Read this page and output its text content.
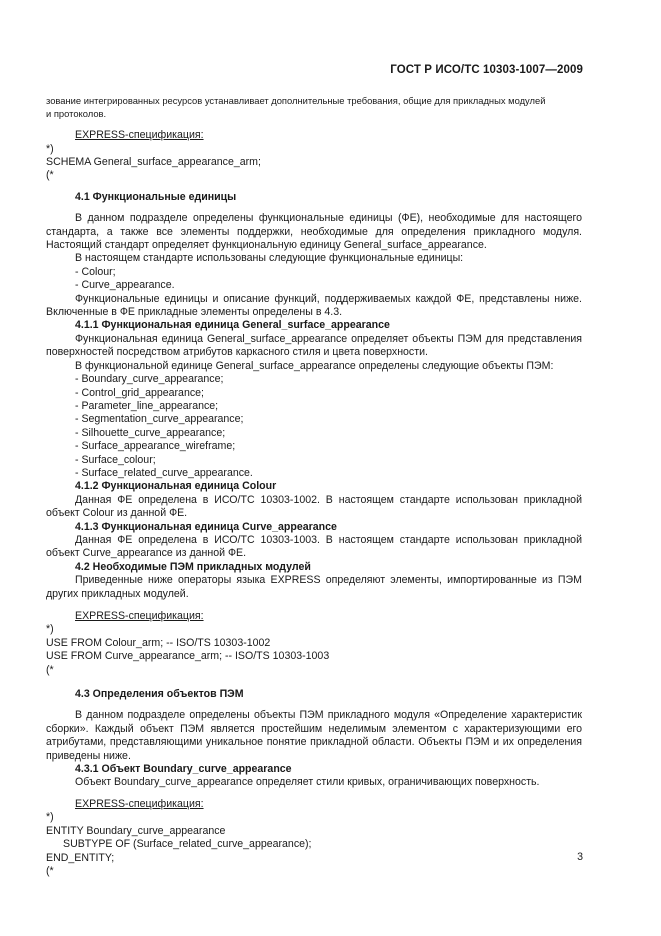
ГОСТ Р ИСО/ТС 10303-1007—2009

зование интегрированных ресурсов устанавливает дополнительные требования, общие для прикладных модулей

и протоколов.

EXPRESS-спецификация:

*)

SCHEMA General_surface_appearance_arm;

(*

4.1 Функциональные единицы

В данном подразделе определены функциональные единицы (ФЕ), необходимые для настоящего стандарта, а также все элементы поддержки, необходимые для определения прикладного модуля. Настоящий стандарт определяет функциональную единицу General_surface_appearance.

В настоящем стандарте использованы следующие функциональные единицы:

- Colour;

- Curve_appearance.

Функциональные единицы и описание функций, поддерживаемых каждой ФЕ, представлены ниже. Включенные в ФЕ прикладные элементы определены в 4.3.

4.1.1 Функциональная единица General_surface_appearance

Функциональная единица General_surface_appearance определяет объекты ПЭМ для представления поверхностей посредством атрибутов каркасного стиля и цвета поверхности.

В функциональной единице General_surface_appearance определены следующие объекты ПЭМ:

- Boundary_curve_appearance;

- Control_grid_appearance;

- Parameter_line_appearance;

- Segmentation_curve_appearance;

- Silhouette_curve_appearance;

- Surface_appearance_wireframe;

- Surface_colour;

- Surface_related_curve_appearance.

4.1.2 Функциональная единица Colour

Данная ФЕ определена в ИСО/ТС 10303-1002. В настоящем стандарте использован прикладной объект Colour из данной ФЕ.

4.1.3 Функциональная единица Curve_appearance

Данная ФЕ определена в ИСО/ТС 10303-1003. В настоящем стандарте использован прикладной объект Curve_appearance из данной ФЕ.

4.2 Необходимые ПЭМ прикладных модулей

Приведенные ниже операторы языка EXPRESS определяют элементы, импортированные из ПЭМ других прикладных модулей.

EXPRESS-спецификация:

*)

USE FROM Colour_arm; -- ISO/TS 10303-1002

USE FROM Curve_appearance_arm; -- ISO/TS 10303-1003

(*

4.3 Определения объектов ПЭМ

В данном подразделе определены объекты ПЭМ прикладного модуля «Определение характеристик сборки». Каждый объект ПЭМ является простейшим неделимым элементом с характеризующими его атрибутами, представляющими уникальное понятие прикладной области. Объекты ПЭМ и их определения приведены ниже.

4.3.1 Объект Boundary_curve_appearance

Объект Boundary_curve_appearance определяет стили кривых, ограничивающих поверхность.

EXPRESS-спецификация:

*)

ENTITY Boundary_curve_appearance

SUBTYPE OF (Surface_related_curve_appearance);

END_ENTITY;

(*

3
